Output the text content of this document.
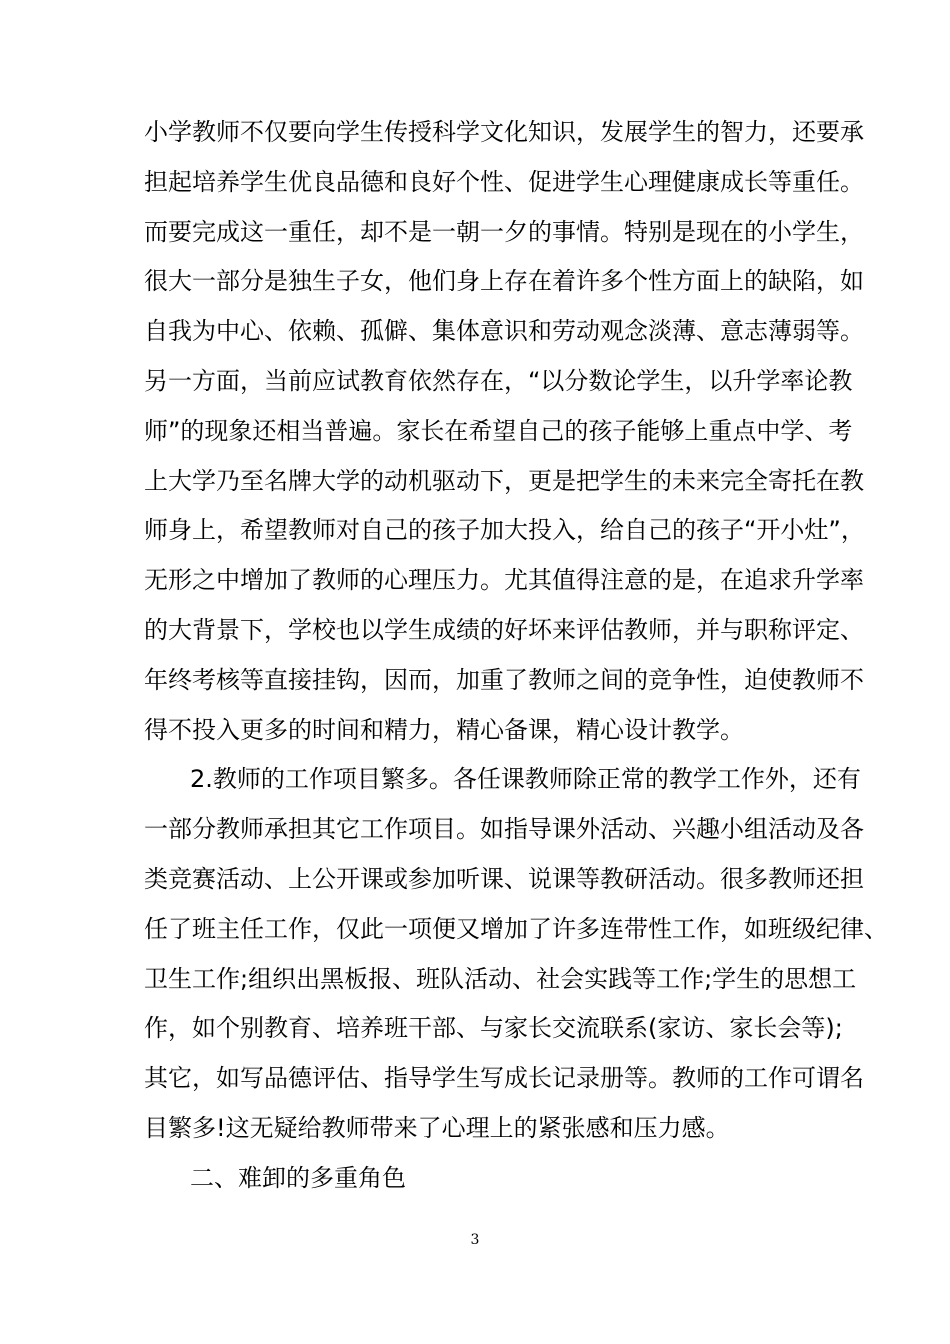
小学教师不仅要向学生传授科学文化知识，发展学生的智力，还要承
担起培养学生优良品德和良好个性、促进学生心理健康成长等重任。
而要完成这一重任，却不是一朝一夕的事情。特别是现在的小学生，
很大一部分是独生子女，他们身上存在着许多个性方面上的缺陷，如
自我为中心、依赖、孤僻、集体意识和劳动观念淡薄、意志薄弱等。
另一方面，当前应试教育依然存在，“以分数论学生，以升学率论教
师”的现象还相当普遍。家长在希望自己的孩子能够上重点中学、考
上大学乃至名牌大学的动机驱动下，更是把学生的未来完全寄托在教
师身上，希望教师对自己的孩子加大投入，给自己的孩子“开小灶”，
无形之中增加了教师的心理压力。尤其值得注意的是，在追求升学率
的大背景下，学校也以学生成绩的好坏来评估教师，并与职称评定、
年终考核等直接挂钩，因而，加重了教师之间的竞争性，迫使教师不
得不投入更多的时间和精力，精心备课，精心设计教学。
2.教师的工作项目繁多。各任课教师除正常的教学工作外，还有
一部分教师承担其它工作项目。如指导课外活动、兴趣小组活动及各
类竞赛活动、上公开课或参加听课、说课等教研活动。很多教师还担
任了班主任工作，仅此一项便又增加了许多连带性工作，如班级纪律、
卫生工作;组织出黑板报、班队活动、社会实践等工作;学生的思想工
作，如个别教育、培养班干部、与家长交流联系(家访、家长会等);
其它，如写品德评估、指导学生写成长记录册等。教师的工作可谓名
目繁多!这无疑给教师带来了心理上的紧张感和压力感。
二、难卸的多重角色
3
